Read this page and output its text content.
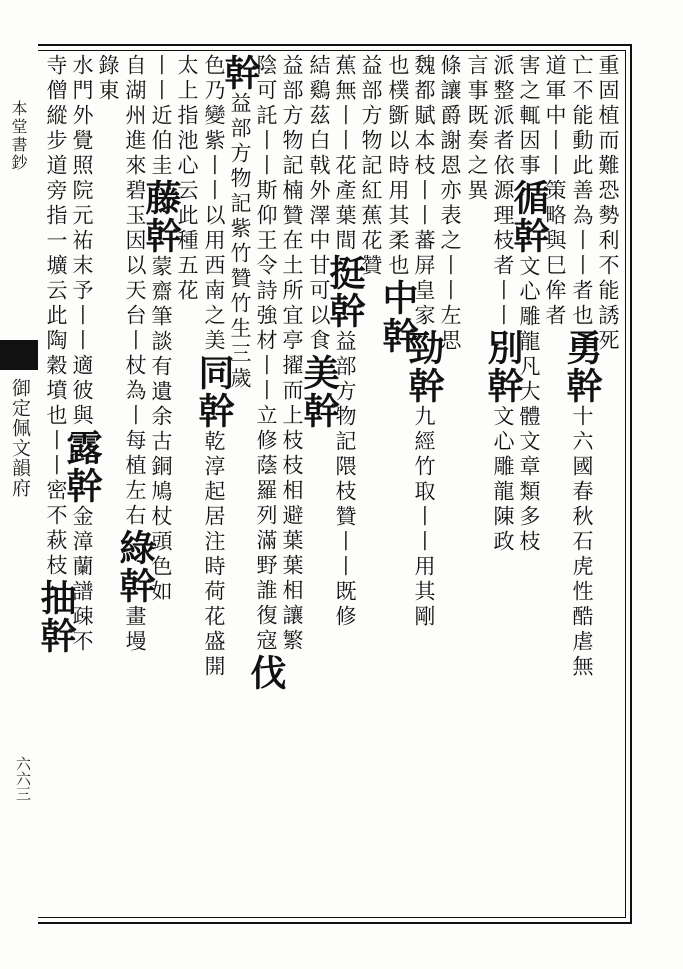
本堂書鈔
御定佩文韻府
六六三
重固植而難恐勢利不能誘死
亡不能動此善為丨丨者也勇幹十六國春秋石虎性酷虐無
道軍中丨丨策略與巳侔者
害之輒因事循幹文心雕龍凡大體文章類多枝
派整派者依源理枝者丨丨別幹文心雕龍陳政
言事既奏之異
條讓爵謝恩亦表之丨丨左思
魏都賦本枝丨丨蕃屏皇家勁幹九經竹取丨丨用其剛
也樸斵以時用其柔也中幹
益部方物記紅蕉花贊
蕉無丨丨花產葉間挺幹益部方物記隈枝贊丨丨既修
結鷄茲白戟外澤中甘可以食美幹
益部方物記楠贊在土所宜亭擢而上枝枝相避葉葉相讓繁
陰可託丨丨斯仰王令詩強材丨丨立修蔭羅列滿野誰復寇伐
幹益部方物記紫竹贊竹生三歲
色乃變紫丨丨以用西南之美同幹乾淳起居注時荷花盛開
太上指池心云此種五花
丨丨近伯圭藤幹蒙齋筆談有遺余古銅鳩杖頭色如
自湖州進來碧玉因以天台丨杖為丨每植左右綠幹畫墁
錄東
水門外覺照院元祐末予丨丨適彼與露幹金漳蘭譜疎不
寺僧縱步道旁指一壙云此陶穀墳也丨丨密不萩枝抽幹
